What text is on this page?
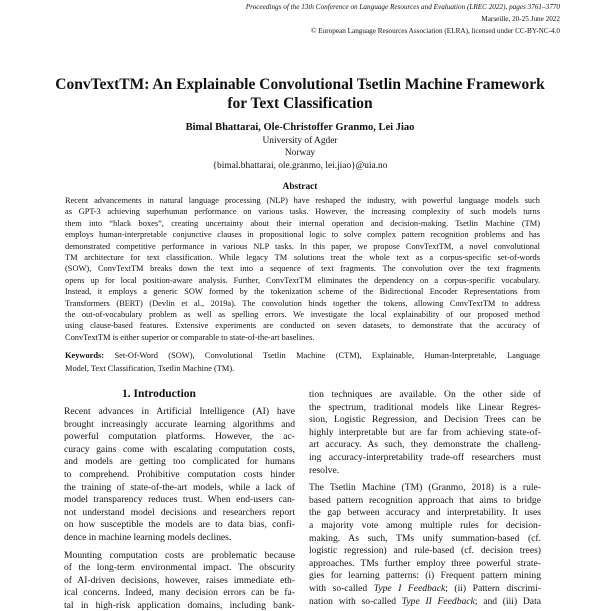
Proceedings of the 13th Conference on Language Resources and Evaluation (LREC 2022), pages 3761–3770
Marseille, 20-25 June 2022
© European Language Resources Association (ELRA), licensed under CC-BY-NC-4.0
ConvTextTM: An Explainable Convolutional Tsetlin Machine Framework
for Text Classification
Bimal Bhattarai, Ole-Christoffer Granmo, Lei Jiao
University of Agder
Norway
{bimal.bhattarai, ole.granmo, lei.jiao}@uia.no
Abstract
Recent advancements in natural language processing (NLP) have reshaped the industry, with powerful language models such
as GPT-3 achieving superhuman performance on various tasks. However, the increasing complexity of such models turns
them into “black boxes”, creating uncertainty about their internal operation and decision-making. Tsetlin Machine (TM)
employs human-interpretable conjunctive clauses in propositional logic to solve complex pattern recognition problems and has
demonstrated competitive performance in various NLP tasks. In this paper, we propose ConvTextTM, a novel convolutional
TM architecture for text classification. While legacy TM solutions treat the whole text as a corpus-specific set-of-words
(SOW), ConvTextTM breaks down the text into a sequence of text fragments. The convolution over the text fragments
opens up for local position-aware analysis. Further, ConvTextTM eliminates the dependency on a corpus-specific vocabulary.
Instead, it employs a generic SOW formed by the tokenization scheme of the Bidirectional Encoder Representations from
Transformers (BERT) (Devlin et al., 2019a). The convolution binds together the tokens, allowing ConvTextTM to address
the out-of-vocabulary problem as well as spelling errors. We investigate the local explainability of our proposed method
using clause-based features. Extensive experiments are conducted on seven datasets, to demonstrate that the accuracy of
ConvTextTM is either superior or comparable to state-of-the-art baselines.
Keywords: Set-Of-Word (SOW), Convolutional Tsetlin Machine (CTM), Explainable, Human-Interpretable, Language
Model, Text Classification, Tsetlin Machine (TM).
1. Introduction
Recent advances in Artificial Intelligence (AI) have
brought increasingly accurate learning algorithms and
powerful computation platforms. However, the ac-
curacy gains come with escalating computation costs,
and models are getting too complicated for humans
to comprehend. Prohibitive computation costs hinder
the training of state-of-the-art models, while a lack of
model transparency reduces trust. When end-users can-
not understand model decisions and researchers report
on how susceptible the models are to data bias, confi-
dence in machine learning models declines.
Mounting computation costs are problematic because
of the long-term environmental impact. The obscurity
of AI-driven decisions, however, raises immediate eth-
ical concerns. Indeed, many decision errors can be fa-
tal in high-risk application domains, including bank-
tion techniques are available. On the other side of
the spectrum, traditional models like Linear Regres-
sion, Logistic Regression, and Decision Trees can be
highly interpretable but are far from achieving state-of-
art accuracy. As such, they demonstrate the challeng-
ing accuracy-interpretability trade-off researchers must
resolve.
The Tsetlin Machine (TM) (Granmo, 2018) is a rule-
based pattern recognition approach that aims to bridge
the gap between accuracy and interpretability. It uses
a majority vote among multiple rules for decision-
making. As such, TMs unify summation-based (cf.
logistic regression) and rule-based (cf. decision trees)
approaches. TMs further employ three powerful strate-
gies for learning patterns: (i) Frequent pattern mining
with so-called Type I Feedback; (ii) Pattern discrimi-
nation with so-called Type II Feedback; and (iii) Data
